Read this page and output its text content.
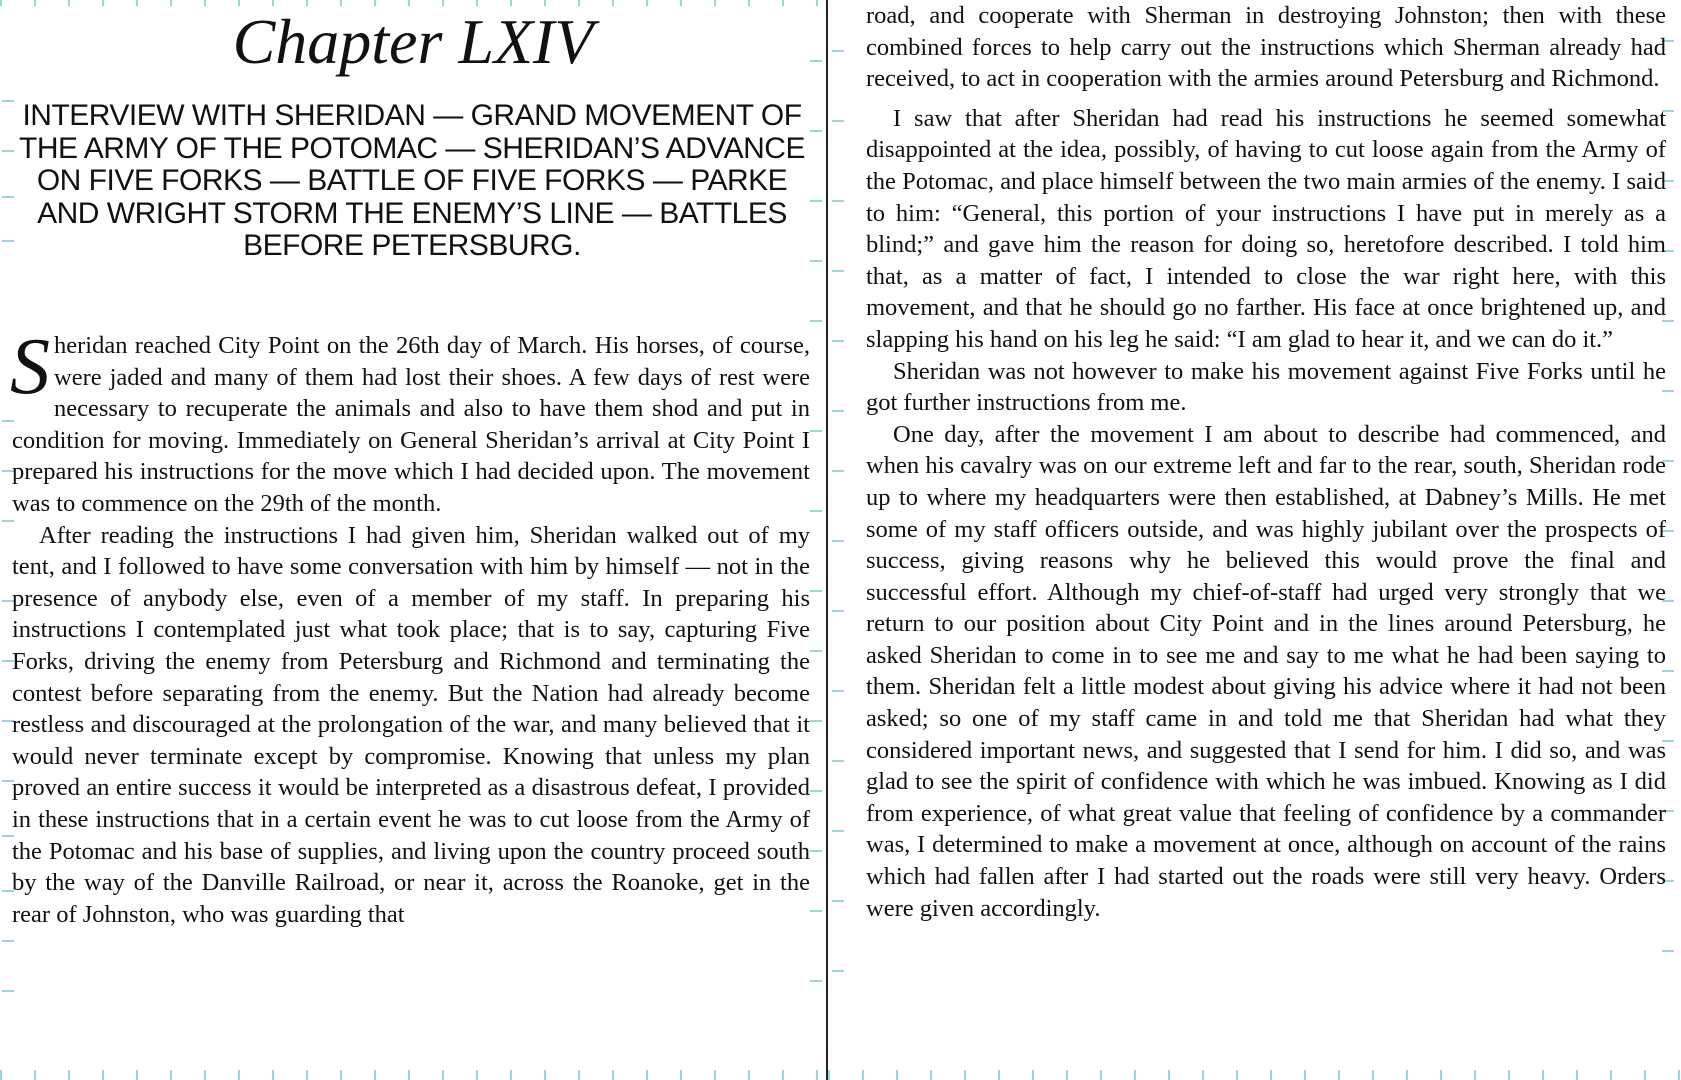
Chapter LXIV
INTERVIEW WITH SHERIDAN — GRAND MOVEMENT OF THE ARMY OF THE POTOMAC — SHERIDAN’S ADVANCE ON FIVE FORKS — BATTLE OF FIVE FORKS — PARKE AND WRIGHT STORM THE ENEMY’S LINE — BATTLES BEFORE PETERSBURG.

Sheridan reached City Point on the 26th day of March. His horses, of course, were jaded and many of them had lost their shoes. A few days of rest were necessary to recuperate the animals and also to have them shod and put in condition for moving. Immediately on General Sheridan’s arrival at City Point I prepared his instructions for the move which I had decided upon. The movement was to commence on the 29th of the month.

After reading the instructions I had given him, Sheridan walked out of my tent, and I followed to have some conversation with him by himself — not in the presence of anybody else, even of a member of my staff. In preparing his instructions I contemplated just what took place; that is to say, capturing Five Forks, driving the enemy from Petersburg and Richmond and terminating the contest before separating from the enemy. But the Nation had already become restless and discouraged at the prolongation of the war, and many believed that it would never terminate except by compromise. Knowing that unless my plan proved an entire success it would be interpreted as a disastrous defeat, I provided in these instructions that in a certain event he was to cut loose from the Army of the Potomac and his base of supplies, and living upon the country proceed south by the way of the Danville Railroad, or near it, across the Roanoke, get in the rear of Johnston, who was guarding that

road, and cooperate with Sherman in destroying Johnston; then with these combined forces to help carry out the instructions which Sherman already had received, to act in cooperation with the armies around Petersburg and Richmond.

I saw that after Sheridan had read his instructions he seemed somewhat disappointed at the idea, possibly, of having to cut loose again from the Army of the Potomac, and place himself between the two main armies of the enemy. I said to him: “General, this portion of your instructions I have put in merely as a blind;” and gave him the reason for doing so, heretofore described. I told him that, as a matter of fact, I intended to close the war right here, with this movement, and that he should go no farther. His face at once brightened up, and slapping his hand on his leg he said: “I am glad to hear it, and we can do it.”

Sheridan was not however to make his movement against Five Forks until he got further instructions from me.

One day, after the movement I am about to describe had commenced, and when his cavalry was on our extreme left and far to the rear, south, Sheridan rode up to where my headquarters were then established, at Dabney’s Mills. He met some of my staff officers outside, and was highly jubilant over the prospects of success, giving reasons why he believed this would prove the final and successful effort. Although my chief-of-staff had urged very strongly that we return to our position about City Point and in the lines around Petersburg, he asked Sheridan to come in to see me and say to me what he had been saying to them. Sheridan felt a little modest about giving his advice where it had not been asked; so one of my staff came in and told me that Sheridan had what they considered important news, and suggested that I send for him. I did so, and was glad to see the spirit of confidence with which he was imbued. Knowing as I did from experience, of what great value that feeling of confidence by a commander was, I determined to make a movement at once, although on account of the rains which had fallen after I had started out the roads were still very heavy. Orders were given accordingly.
